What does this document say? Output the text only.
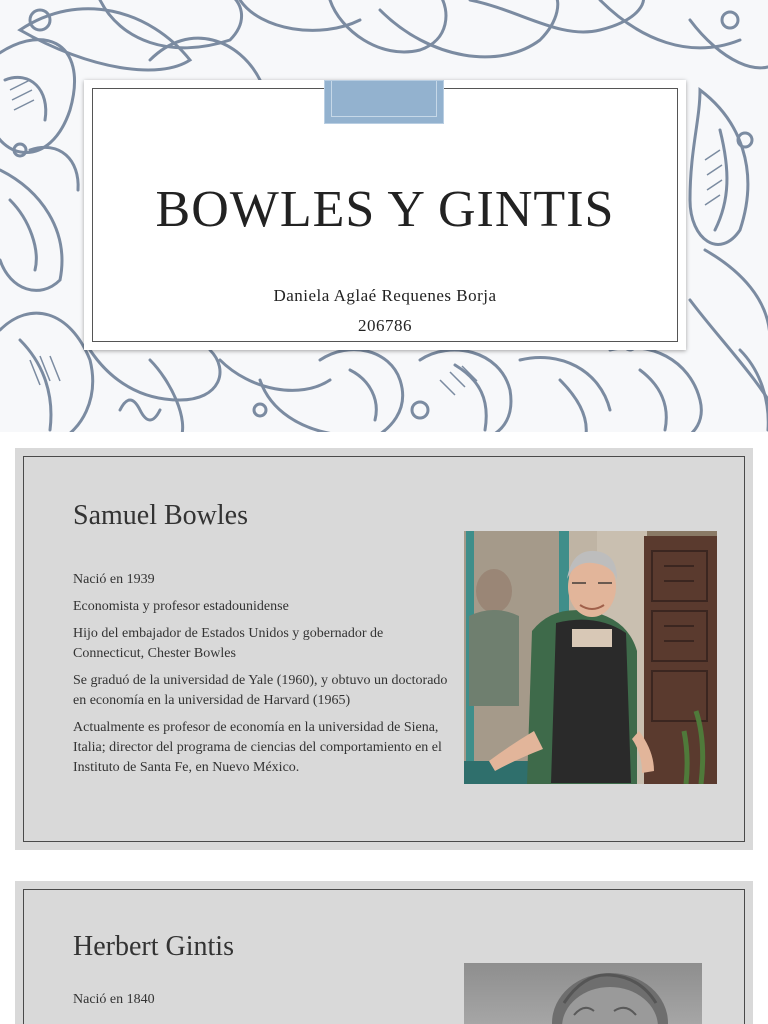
BOWLES Y GINTIS
Daniela Aglaé Requenes Borja
206786
Samuel Bowles
Nació en 1939
Economista y profesor estadounidense
Hijo del embajador de Estados Unidos y gobernador de Connecticut, Chester Bowles
Se graduó de la universidad de Yale (1960), y obtuvo un doctorado en economía en la universidad de Harvard (1965)
Actualmente es profesor de economía en la universidad de Siena, Italia; director del programa de ciencias del comportamiento en el Instituto de Santa Fe, en Nuevo México.
Herbert Gintis
Nació en 1840
